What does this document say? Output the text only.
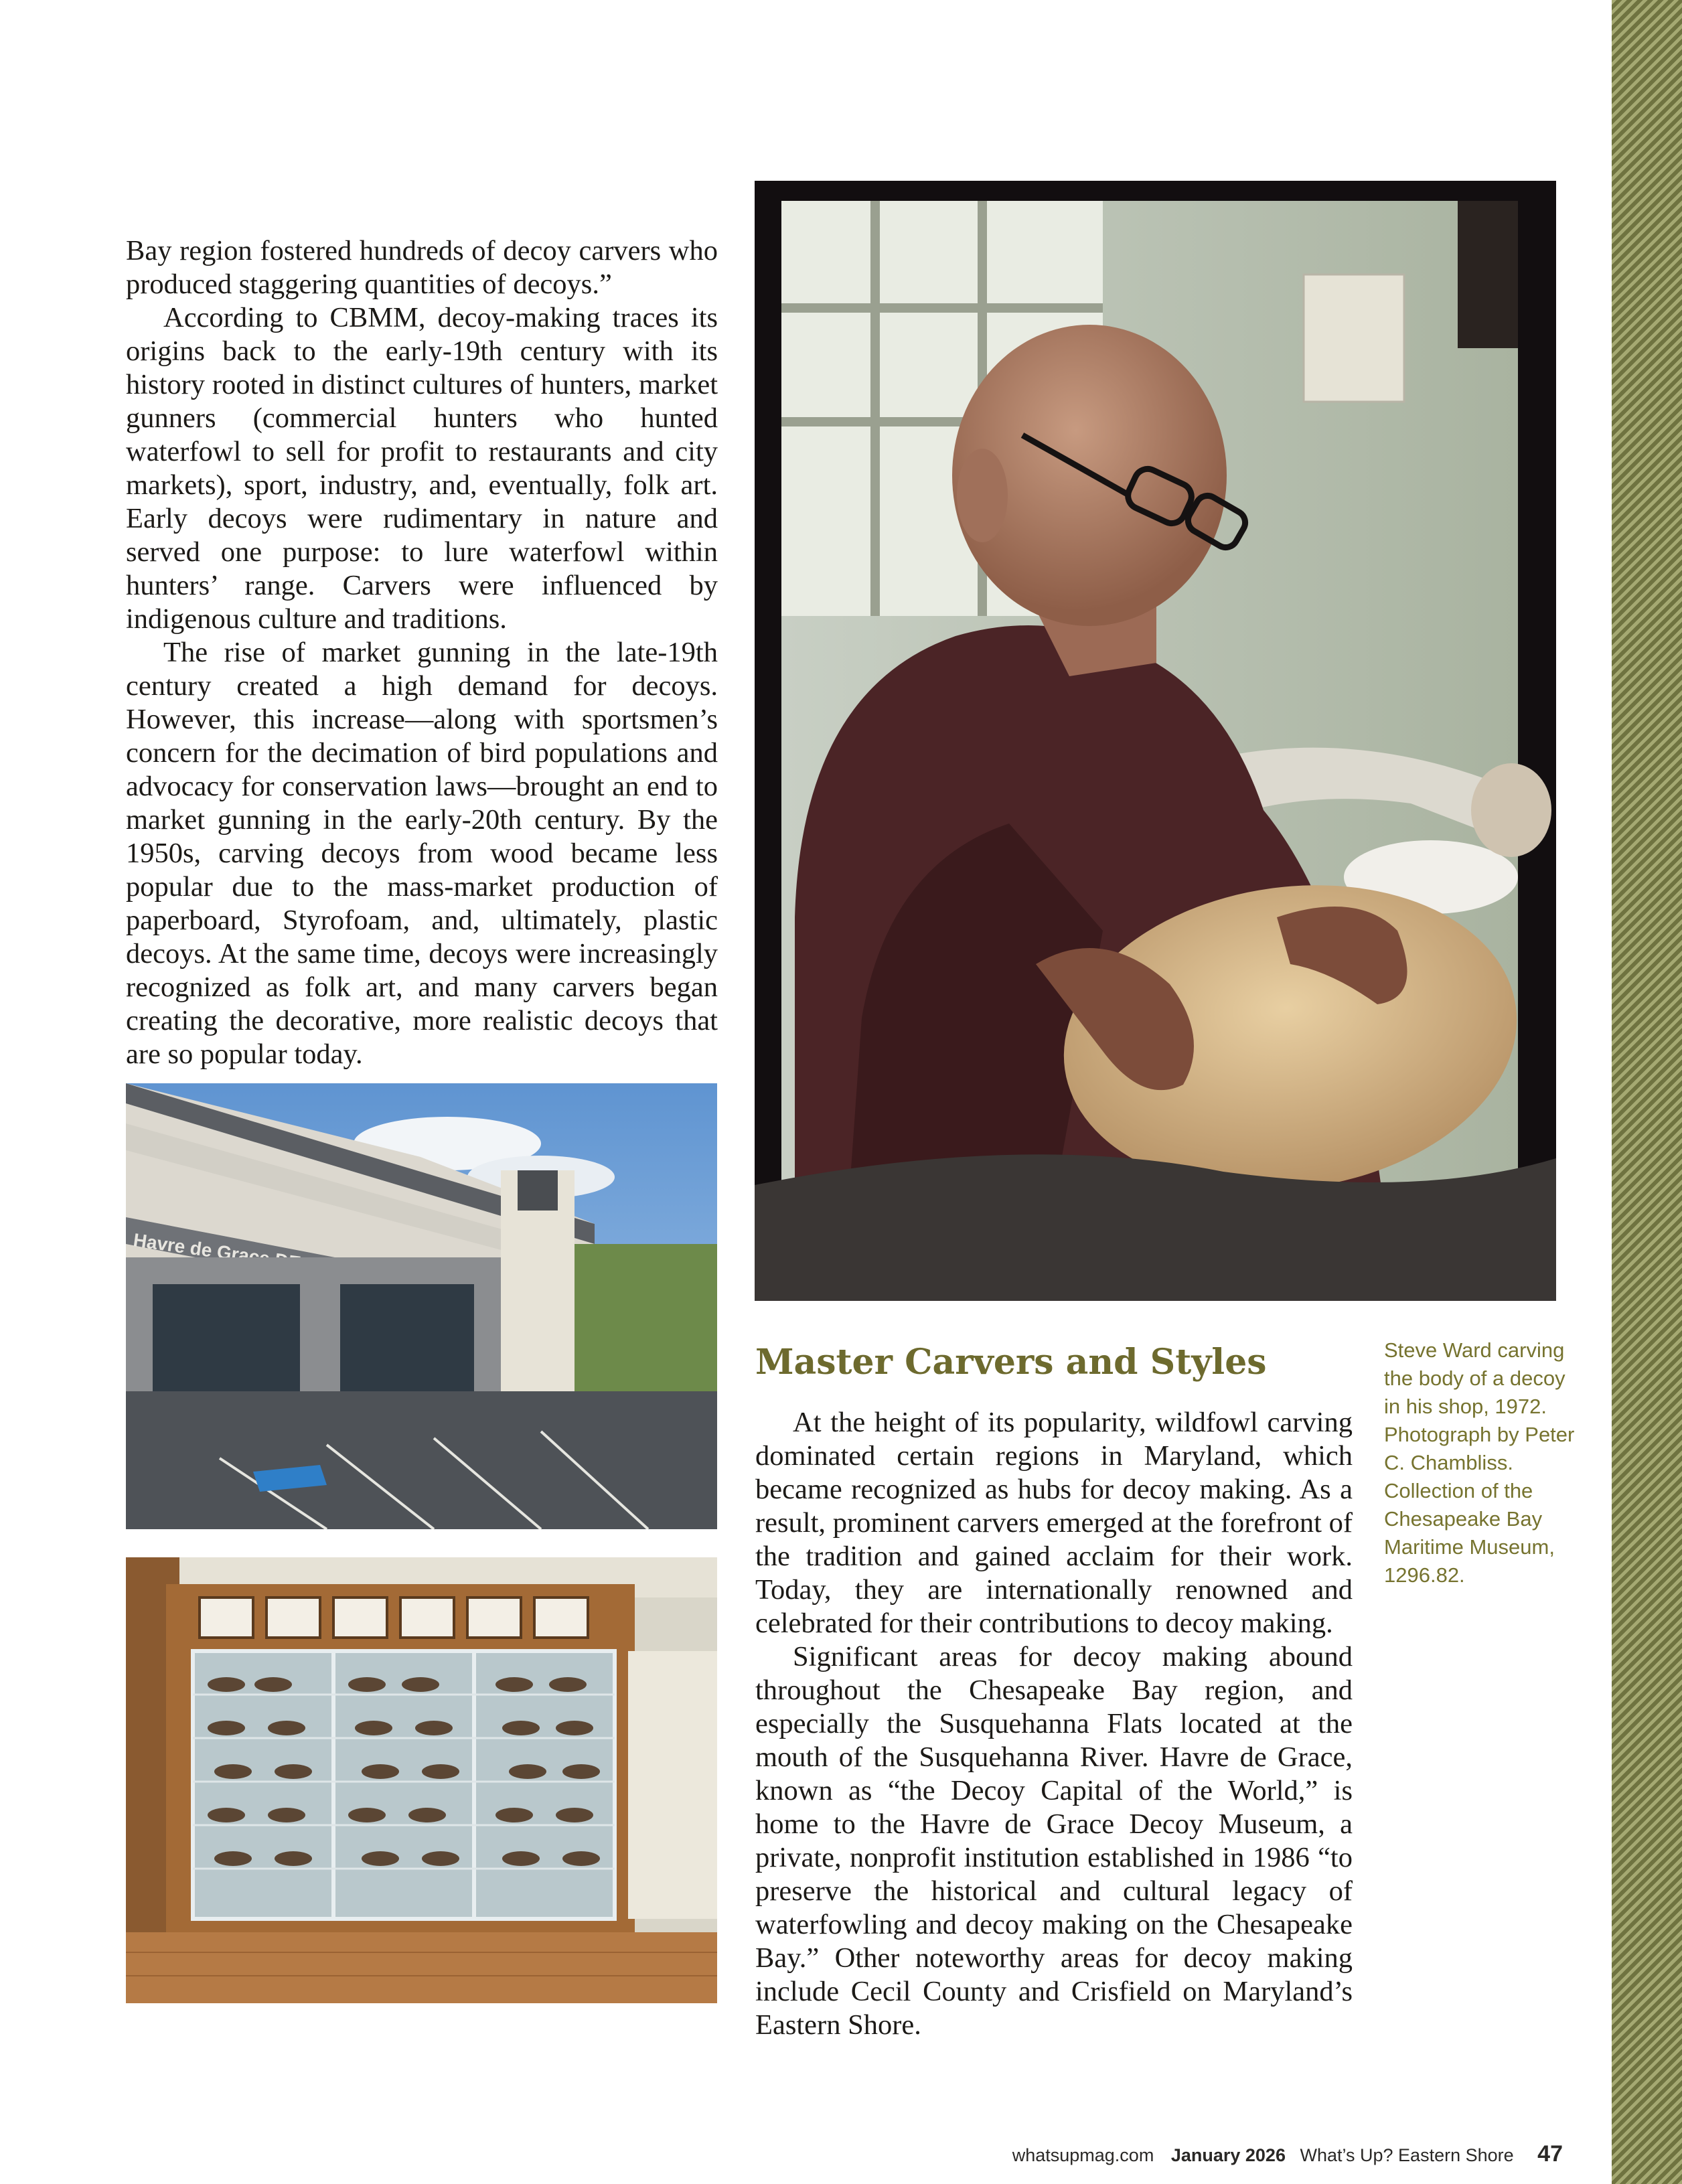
Bay region fostered hundreds of decoy carvers who produced staggering quantities of decoys.”

According to CBMM, decoy-making traces its origins back to the early-19th century with its history rooted in distinct cultures of hunters, market gunners (commercial hunters who hunted waterfowl to sell for profit to restaurants and city markets), sport, industry, and, eventually, folk art. Early decoys were rudimentary in nature and served one purpose: to lure waterfowl within hunters’ range. Carvers were influenced by indigenous culture and traditions.

The rise of market gunning in the late-19th century created a high demand for decoys. However, this increase—along with sportsmen’s concern for the decimation of bird populations and advocacy for conservation laws—brought an end to market gunning in the early-20th century. By the 1950s, carving decoys from wood became less popular due to the mass-market production of paperboard, Styrofoam, and, ultimately, plastic decoys. At the same time, decoys were increasingly recognized as folk art, and many carvers began creating the decorative, more realistic decoys that are so popular today.

Master Carvers and Styles	Steve Ward carving the body of a decoy in his shop, 1972. Photograph by Peter C. Chambliss. Collection of the Chesapeake Bay Maritime Museum, 1296.82.

At the height of its popularity, wildfowl carving dominated certain regions in Maryland, which became recognized as hubs for decoy making. As a result, prominent carvers emerged at the forefront of the tradition and gained acclaim for their work. Today, they are internationally renowned and celebrated for their contributions to decoy making.

Significant areas for decoy making abound throughout the Chesapeake Bay region, and especially the Susquehanna Flats located at the mouth of the Susquehanna River. Havre de Grace, known as “the Decoy Capital of the World,” is home to the Havre de Grace Decoy Museum, a private, nonprofit institution established in 1986 “to preserve the historical and cultural legacy of waterfowling and decoy making on the Chesapeake Bay.” Other noteworthy areas for decoy making include Cecil County and Crisfield on Maryland’s Eastern Shore.

whatsupmag.com January 2026 What’s Up? Eastern Shore 47
